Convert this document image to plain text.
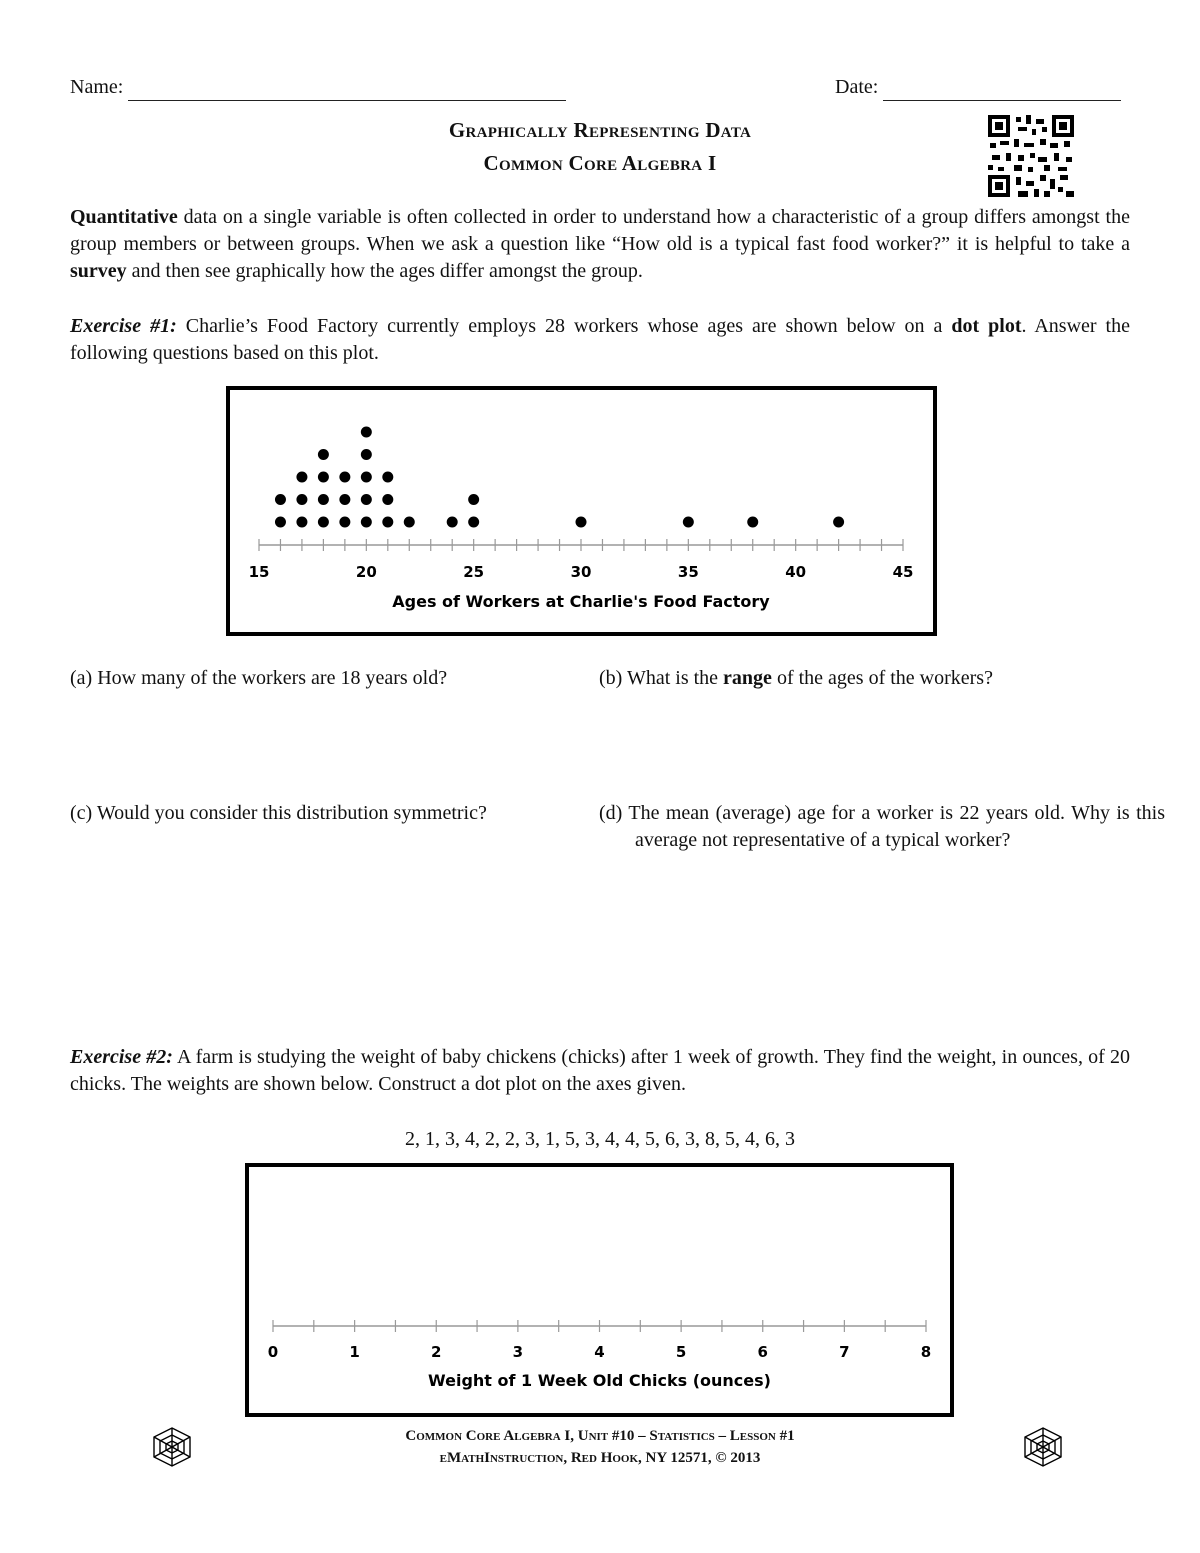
Name:	Date:
Graphically Representing Data
Common Core Algebra I
Quantitative data on a single variable is often collected in order to understand how a characteristic of a group differs amongst the group members or between groups. When we ask a question like “How old is a typical fast food worker?” it is helpful to take a survey and then see graphically how the ages differ amongst the group.
Exercise #1: Charlie’s Food Factory currently employs 28 workers whose ages are shown below on a dot plot. Answer the following questions based on this plot.
15	20	25	30	35	40	45
Ages of Workers at Charlie's Food Factory
(a) How many of the workers are 18 years old?	(b) What is the range of the ages of the workers?
(c) Would you consider this distribution symmetric?	(d) The mean (average) age for a worker is 22 years old. Why is this average not representative of a typical worker?
Exercise #2: A farm is studying the weight of baby chickens (chicks) after 1 week of growth. They find the weight, in ounces, of 20 chicks. The weights are shown below. Construct a dot plot on the axes given.
2, 1, 3, 4, 2, 2, 3, 1, 5, 3, 4, 4, 5, 6, 3, 8, 5, 4, 6, 3
0	1	2	3	4	5	6	7	8
Weight of 1 Week Old Chicks (ounces)
Common Core Algebra I, Unit #10 – Statistics – Lesson #1
eMathInstruction, Red Hook, NY 12571, © 2013
